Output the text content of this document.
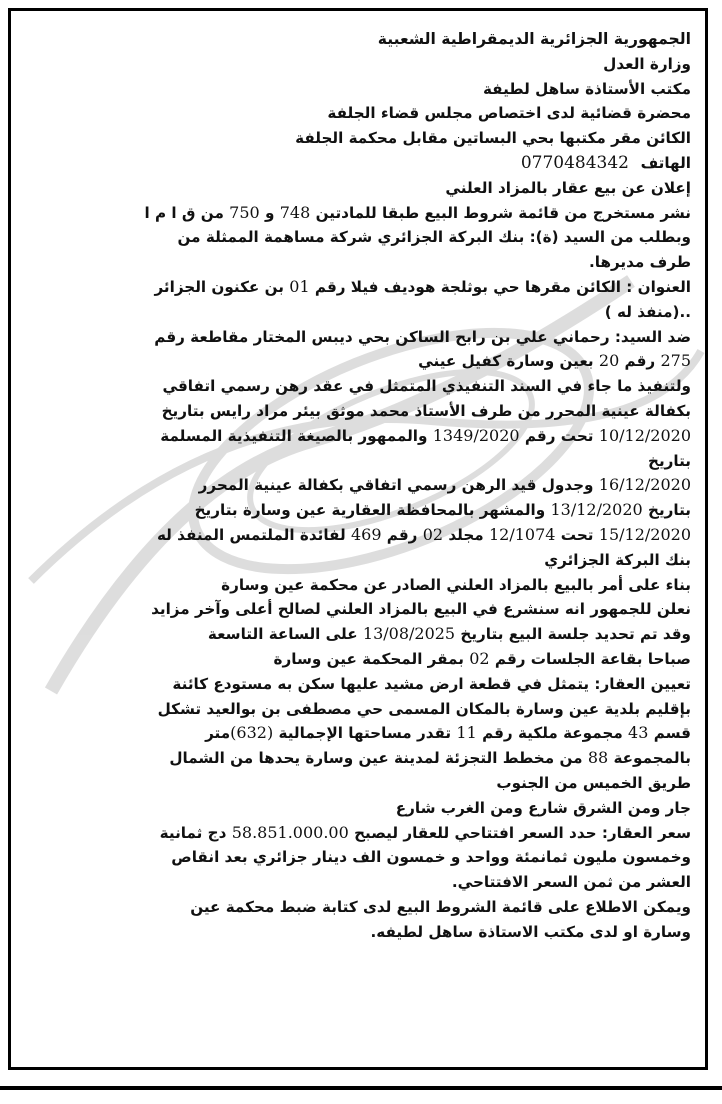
الجمهورية الجزائرية الديمقراطية الشعبية

وزارة العدل

مكتب الأستاذة ساهل لطيفة

محضرة قضائية لدى اختصاص مجلس قضاء الجلفة

الكائن مقر مكتبها بحي البساتين مقابل محكمة الجلفة

الهاتف

0770484342

إعلان عن بيع عقار بالمزاد العلني

نشر مستخرج من قائمة شروط البيع طبقا للمادتين 748 و 750 من ق ا م ا

وبطلب من السيد (ة): بنك البركة الجزائري شركة مساهمة الممثلة من

طرف مديرها.

العنوان : الكائن مقرها حي بوثلجة هوديف فيلا رقم 01 بن عكنون الجزائر

..(منفذ له )

ضد السيد: رحماني علي بن رابح الساكن بحي ديبس المختار مقاطعة رقم

275 رقم 20 بعين وسارة كفيل عيني

ولتنفيذ ما جاء في السند التنفيذي المتمثل في عقد رهن رسمي اتفاقي

بكفالة عينية المحرر من طرف الأستاذ محمد موثق بيئر مراد رايس بتاريخ

10/12/2020 تحت رقم 1349/2020 والممهور بالصيغة التنفيذية المسلمة

بتاريخ

16/12/2020 وجدول قيد الرهن رسمي اتفاقي بكفالة عينية المحرر

بتاريخ 13/12/2020 والمشهر بالمحافظة العقارية عين وسارة بتاريخ

15/12/2020 تحت 12/1074 مجلد 02 رقم 469 لفائدة الملتمس المنفذ له

بنك البركة الجزائري

بناء على أمر بالبيع بالمزاد العلني الصادر عن محكمة عين وسارة

نعلن للجمهور انه سنشرع في البيع بالمزاد العلني لصالح أعلى وآخر مزايد

وقد تم تحديد جلسة البيع بتاريخ 13/08/2025 على الساعة التاسعة

صباحا بقاعة الجلسات رقم 02 بمقر المحكمة عين وسارة

تعيين العقار: يتمثل في قطعة ارض مشيد عليها سكن به مستودع كائنة

بإقليم بلدية عين وسارة بالمكان المسمى حي مصطفى بن بوالعيد تشكل

قسم 43 مجموعة ملكية رقم 11 تقدر مساحتها الإجمالية (632)متر

بالمجموعة 88 من مخطط التجزئة لمدينة عين وسارة يحدها من الشمال

طريق الخميس من الجنوب

جار ومن الشرق شارع ومن الغرب شارع

سعر العقار: حدد السعر افتتاحي للعقار ليصبح 58.851.000.00 دج ثمانية

وخمسون مليون ثمانمئة وواحد و خمسون الف دينار جزائري بعد انقاص

العشر من ثمن السعر الافتتاحي.

ويمكن الاطلاع على قائمة الشروط البيع لدى كتابة ضبط محكمة عين

وسارة او لدى مكتب الاستاذة ساهل لطيفه.
